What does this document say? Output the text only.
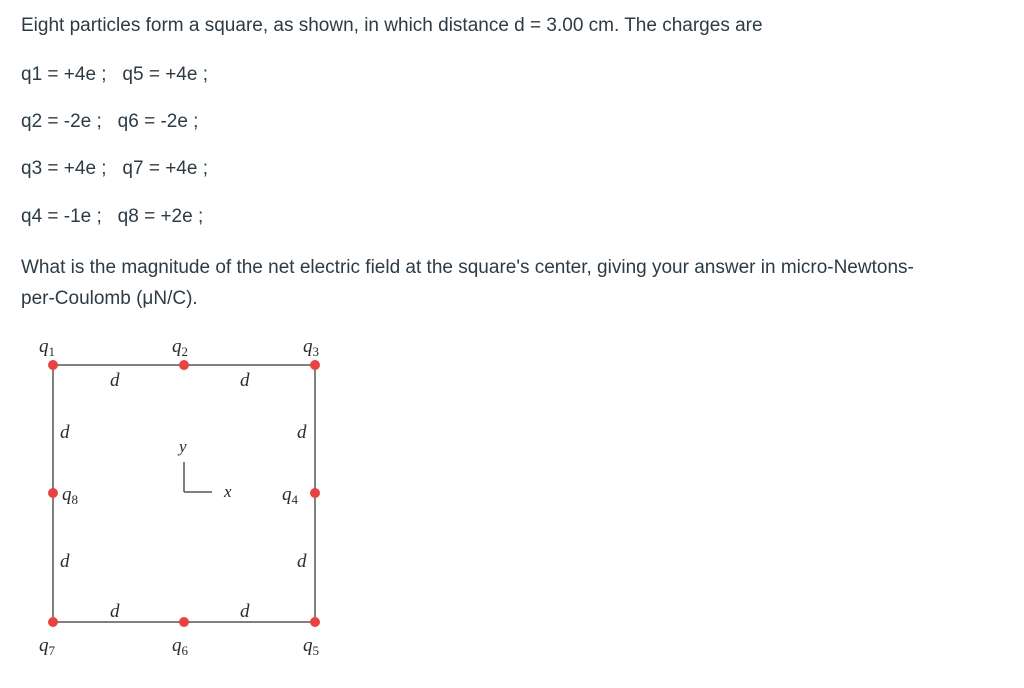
Eight particles form a square, as shown, in which distance d = 3.00 cm. The charges are
q1 = +4e ; q5 = +4e ;
q2 = -2e ; q6 = -2e ;
q3 = +4e ; q7 = +4e ;
q4 = -1e ; q8 = +2e ;
What is the magnitude of the net electric field at the square's center, giving your answer in micro-Newtons-
per-Coulomb (μN/C).
y
x
$q_1$	$q_2$	$q_3$
$q_4$
$q_5$
$q_6$
$q_7$
$q_8$
d	d
d	d
d
d
d
d
